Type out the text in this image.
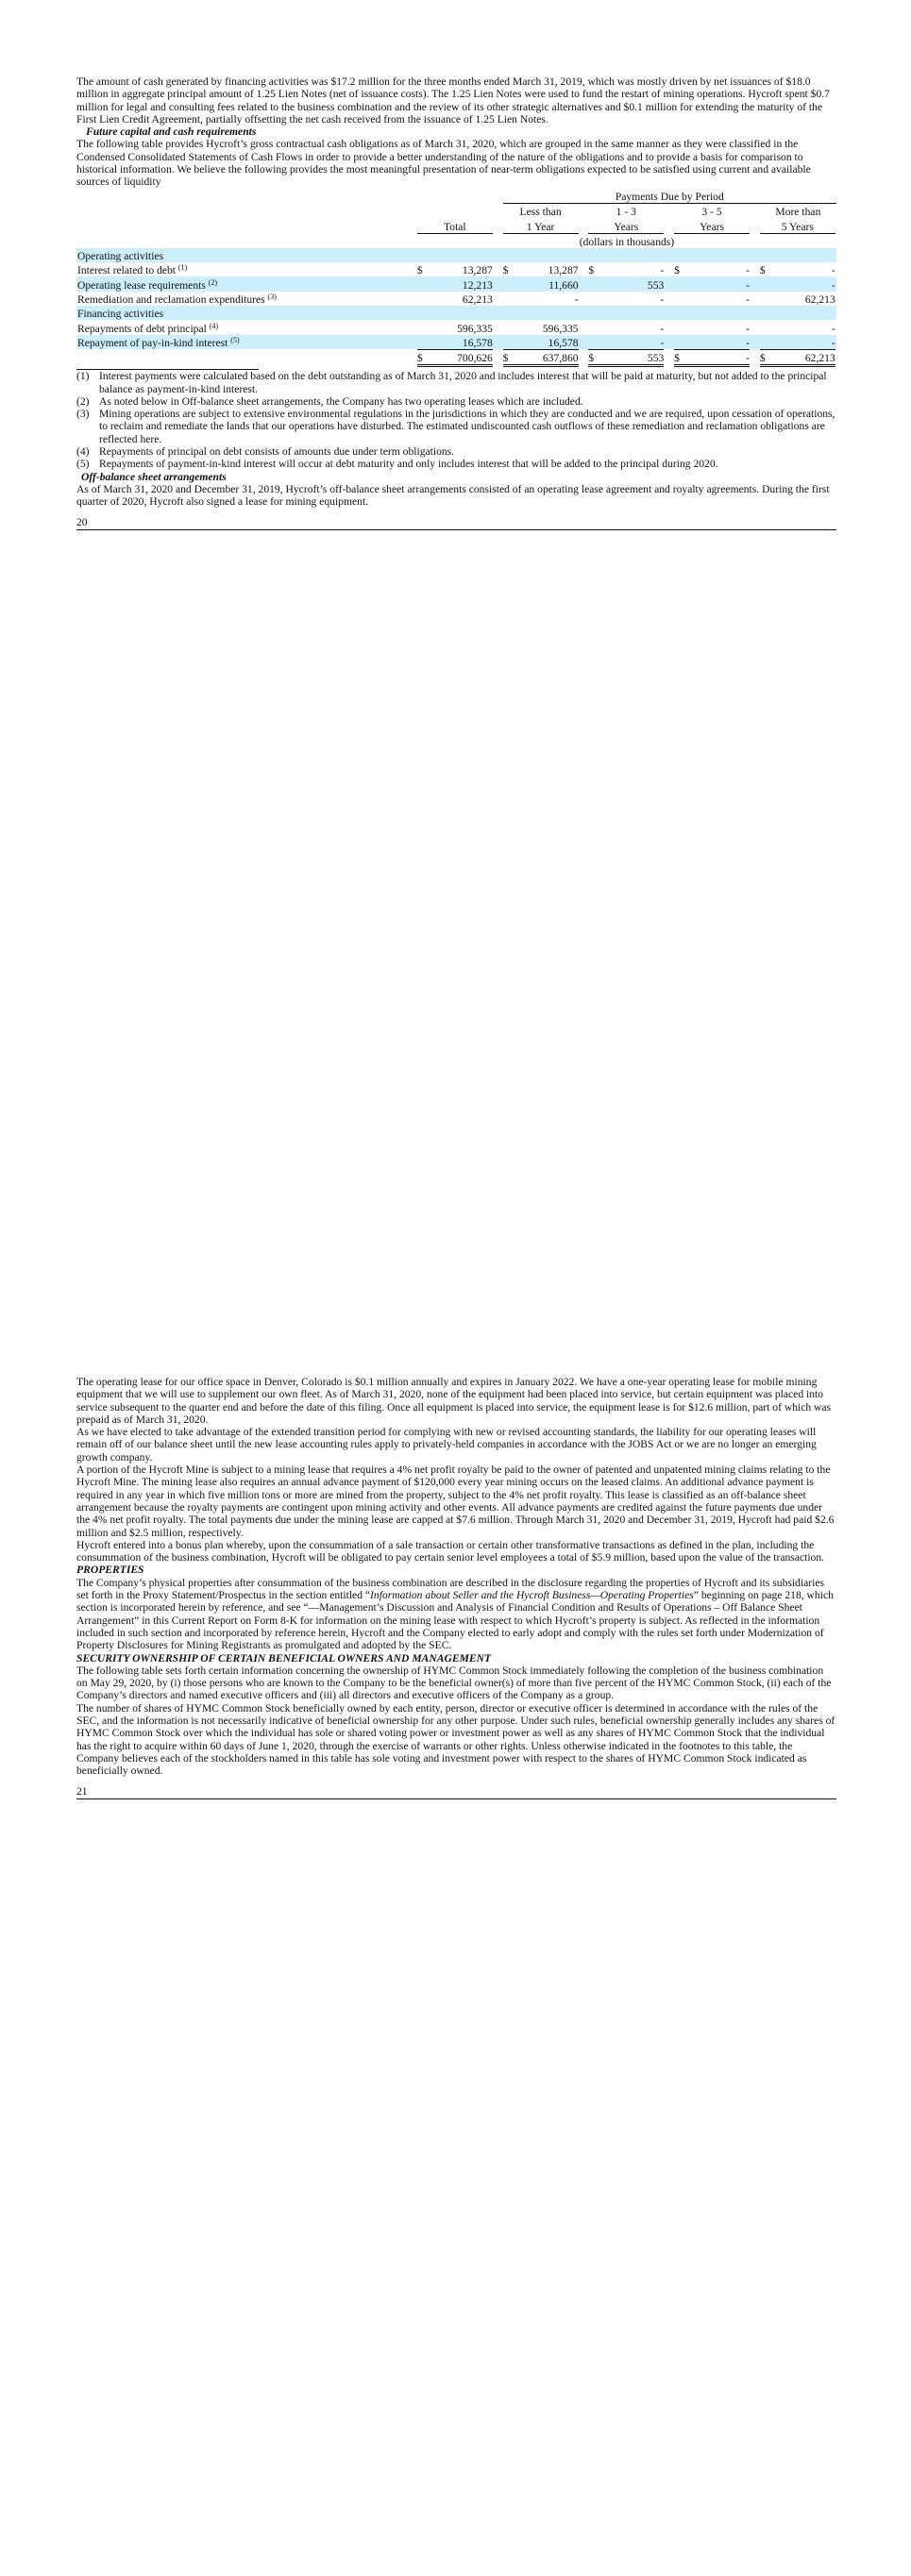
The amount of cash generated by financing activities was $17.2 million for the three months ended March 31, 2019, which was mostly driven by net issuances of $18.0 million in aggregate principal amount of 1.25 Lien Notes (net of issuance costs). The 1.25 Lien Notes were used to fund the restart of mining operations. Hycroft spent $0.7 million for legal and consulting fees related to the business combination and the review of its other strategic alternatives and $0.1 million for extending the maturity of the First Lien Credit Agreement, partially offsetting the net cash received from the issuance of 1.25 Lien Notes.

Future capital and cash requirements

The following table provides Hycroft’s gross contractual cash obligations as of March 31, 2020, which are grouped in the same manner as they were classified in the Condensed Consolidated Statements of Cash Flows in order to provide a better understanding of the nature of the obligations and to provide a basis for comparison to historical information. We believe the following provides the most meaningful presentation of near-term obligations expected to be satisfied using current and available sources of liquidity

				Payments Due by Period											
				Less than			1 - 3			3 - 5			More than		
	Total			1 Year			Years			Years			5 Years		
	(dollars in thousands)														
Operating activities															
Interest related to debt $^{(1)}$	$	13,287		$	13,287		$	-		$	-		$	-	
Operating lease requirements $^{(2)}$		12,213			11,660			553			-			-	
Remediation and reclamation expenditures $^{(3)}$		62,213			-			-			-			62,213	
Financing activities															
Repayments of debt principal $^{(4)}$		596,335			596,335			-			-			-	
Repayment of pay-in-kind interest $^{(5)}$		16,578			16,578			-			-			-	
	$	700,626		$	637,860		$	553		$	-		$	62,213	
(1) Interest payments were calculated based on the debt outstanding as of March 31, 2020 and includes interest that will be paid at maturity, but not added to the principal balance as payment-in-kind interest.
(2) As noted below in Off-balance sheet arrangements, the Company has two operating leases which are included.
(3) Mining operations are subject to extensive environmental regulations in the jurisdictions in which they are conducted and we are required, upon cessation of operations, to reclaim and remediate the lands that our operations have disturbed. The estimated undiscounted cash outflows of these remediation and reclamation obligations are reflected here.
(4) Repayments of principal on debt consists of amounts due under term obligations.
(5) Repayments of payment-in-kind interest will occur at debt maturity and only includes interest that will be added to the principal during 2020.

Off-balance sheet arrangements

As of March 31, 2020 and December 31, 2019, Hycroft’s off-balance sheet arrangements consisted of an operating lease agreement and royalty agreements. During the first quarter of 2020, Hycroft also signed a lease for mining equipment.

20

The operating lease for our office space in Denver, Colorado is $0.1 million annually and expires in January 2022. We have a one-year operating lease for mobile mining equipment that we will use to supplement our own fleet. As of March 31, 2020, none of the equipment had been placed into service, but certain equipment was placed into service subsequent to the quarter end and before the date of this filing. Once all equipment is placed into service, the equipment lease is for $12.6 million, part of which was prepaid as of March 31, 2020.

As we have elected to take advantage of the extended transition period for complying with new or revised accounting standards, the liability for our operating leases will remain off of our balance sheet until the new lease accounting rules apply to privately-held companies in accordance with the JOBS Act or we are no longer an emerging growth company.

A portion of the Hycroft Mine is subject to a mining lease that requires a 4% net profit royalty be paid to the owner of patented and unpatented mining claims relating to the Hycroft Mine. The mining lease also requires an annual advance payment of $120,000 every year mining occurs on the leased claims. An additional advance payment is required in any year in which five million tons or more are mined from the property, subject to the 4% net profit royalty. This lease is classified as an off-balance sheet arrangement because the royalty payments are contingent upon mining activity and other events. All advance payments are credited against the future payments due under the 4% net profit royalty. The total payments due under the mining lease are capped at $7.6 million. Through March 31, 2020 and December 31, 2019, Hycroft had paid $2.6 million and $2.5 million, respectively.

Hycroft entered into a bonus plan whereby, upon the consummation of a sale transaction or certain other transformative transactions as defined in the plan, including the consummation of the business combination, Hycroft will be obligated to pay certain senior level employees a total of $5.9 million, based upon the value of the transaction.

PROPERTIES

The Company’s physical properties after consummation of the business combination are described in the disclosure regarding the properties of Hycroft and its subsidiaries set forth in the Proxy Statement/Prospectus in the section entitled “Information about Seller and the Hycroft Business—Operating Properties” beginning on page 218, which section is incorporated herein by reference, and see “—Management’s Discussion and Analysis of Financial Condition and Results of Operations – Off Balance Sheet Arrangement” in this Current Report on Form 8-K for information on the mining lease with respect to which Hycroft’s property is subject. As reflected in the information included in such section and incorporated by reference herein, Hycroft and the Company elected to early adopt and comply with the rules set forth under Modernization of Property Disclosures for Mining Registrants as promulgated and adopted by the SEC.

SECURITY OWNERSHIP OF CERTAIN BENEFICIAL OWNERS AND MANAGEMENT

The following table sets forth certain information concerning the ownership of HYMC Common Stock immediately following the completion of the business combination on May 29, 2020, by (i) those persons who are known to the Company to be the beneficial owner(s) of more than five percent of the HYMC Common Stock, (ii) each of the Company’s directors and named executive officers and (iii) all directors and executive officers of the Company as a group.

The number of shares of HYMC Common Stock beneficially owned by each entity, person, director or executive officer is determined in accordance with the rules of the SEC, and the information is not necessarily indicative of beneficial ownership for any other purpose. Under such rules, beneficial ownership generally includes any shares of HYMC Common Stock over which the individual has sole or shared voting power or investment power as well as any shares of HYMC Common Stock that the individual has the right to acquire within 60 days of June 1, 2020, through the exercise of warrants or other rights. Unless otherwise indicated in the footnotes to this table, the Company believes each of the stockholders named in this table has sole voting and investment power with respect to the shares of HYMC Common Stock indicated as beneficially owned.

21
